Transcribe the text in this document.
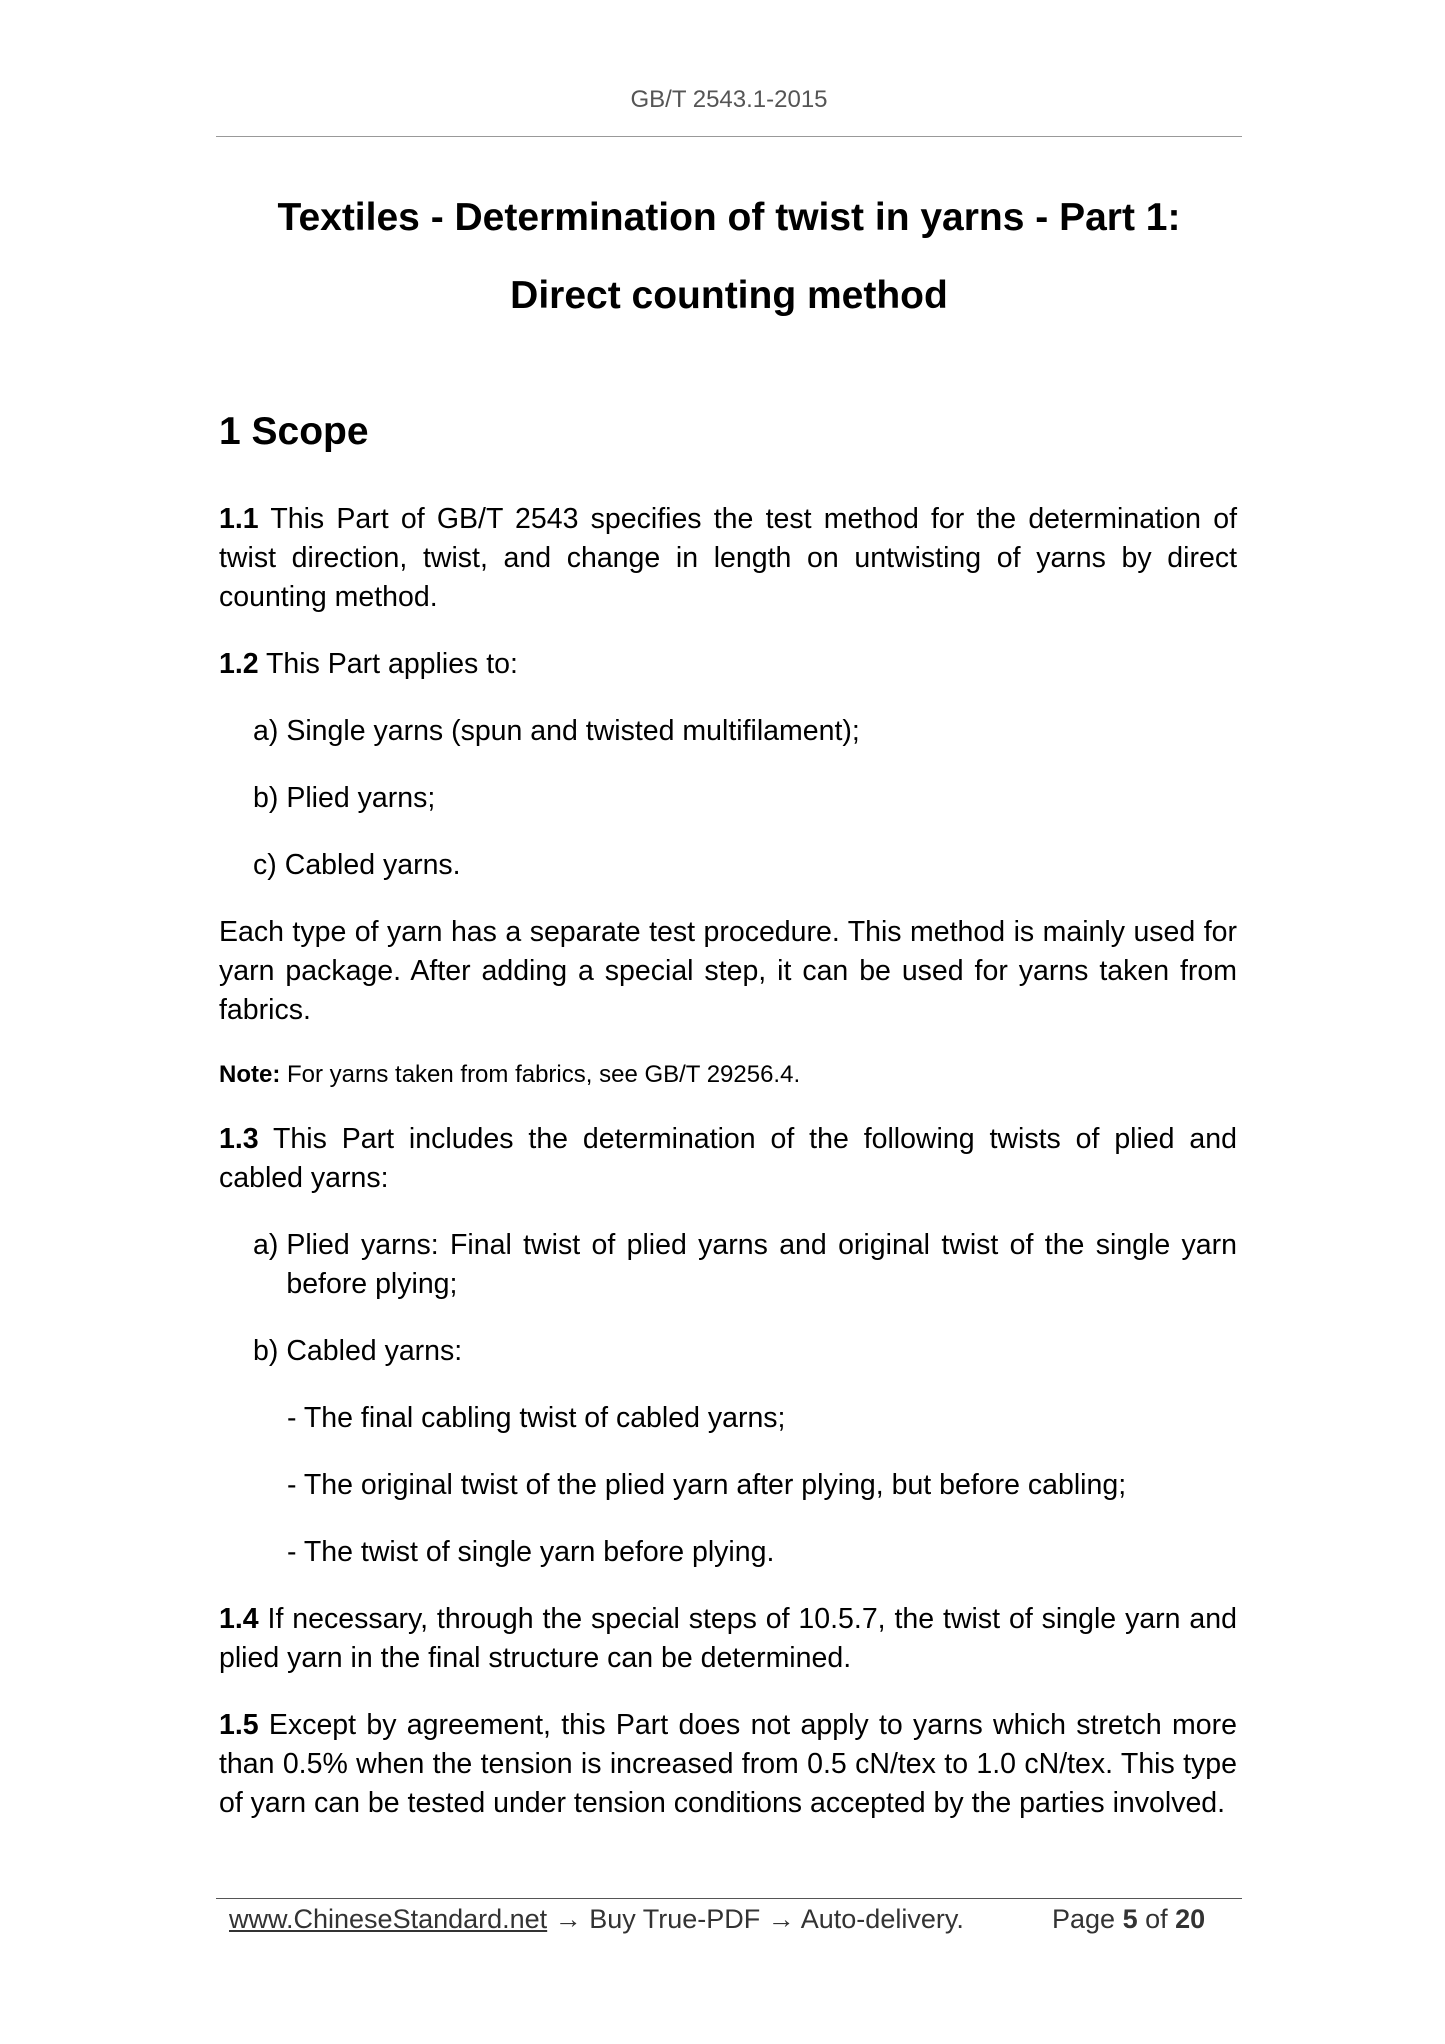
GB/T 2543.1-2015
Textiles - Determination of twist in yarns - Part 1:
Direct counting method
1 Scope

1.1 This Part of GB/T 2543 specifies the test method for the determination of twist direction, twist, and change in length on untwisting of yarns by direct counting method.

1.2 This Part applies to:

a) Single yarns (spun and twisted multifilament);
b) Plied yarns;
c) Cabled yarns.

Each type of yarn has a separate test procedure. This method is mainly used for yarn package. After adding a special step, it can be used for yarns taken from fabrics.

Note: For yarns taken from fabrics, see GB/T 29256.4.

1.3 This Part includes the determination of the following twists of plied and cabled yarns:

a) Plied yarns: Final twist of plied yarns and original twist of the single yarn before plying;
b) Cabled yarns:
- The final cabling twist of cabled yarns;
- The original twist of the plied yarn after plying, but before cabling;
- The twist of single yarn before plying.

1.4 If necessary, through the special steps of 10.5.7, the twist of single yarn and plied yarn in the final structure can be determined.

1.5 Except by agreement, this Part does not apply to yarns which stretch more than 0.5% when the tension is increased from 0.5 cN/tex to 1.0 cN/tex. This type of yarn can be tested under tension conditions accepted by the parties involved.

www.ChineseStandard.net → Buy True-PDF → Auto-delivery.	Page 5 of 20
